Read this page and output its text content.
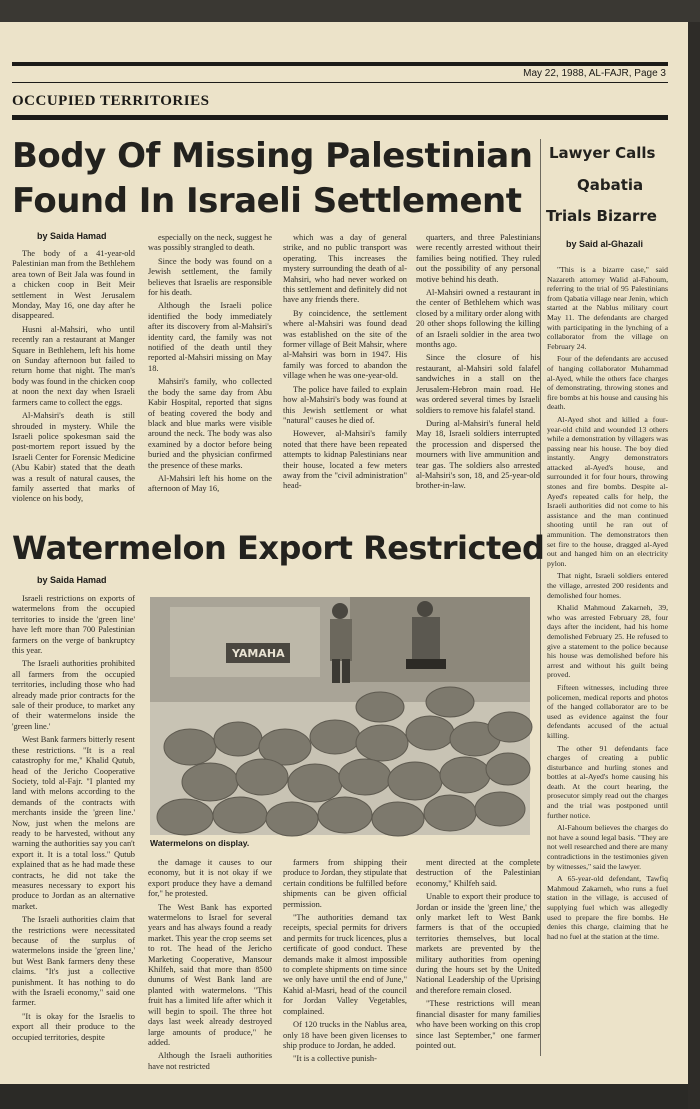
May 22, 1988, AL-FAJR, Page 3
OCCUPIED TERRITORIES
Body Of Missing Palestinian
Found In Israeli Settlement
by Saida Hamad

The body of a 41-year-old Palestinian man from the Bethlehem area town of Beit Jala was found in a chicken coop in Beit Meir settlement in West Jerusalem Monday, May 16, one day after he disappeared.

Husni al-Mahsiri, who until recently ran a restaurant at Manger Square in Bethlehem, left his home on Sunday afternoon but failed to return home that night. The man's body was found in the chicken coop at noon the next day when Israeli farmers came to collect the eggs.

Al-Mahsiri's death is still shrouded in mystery. While the Israeli police spokesman said the post-mortem report issued by the Israeli Center for Forensic Medicine (Abu Kabir) stated that the death was a result of natural causes, the family asserted that marks of violence on his body,

especially on the neck, suggest he was possibly strangled to death.

Since the body was found on a Jewish settlement, the family believes that Israelis are responsible for his death.

Although the Israeli police identified the body immediately after its discovery from al-Mahsiri's identity card, the family was not notified of the death until they reported al-Mahsiri missing on May 18.

Mahsiri's family, who collected the body the same day from Abu Kabir Hospital, reported that signs of beating covered the body and black and blue marks were visible around the neck. The body was also examined by a doctor before being buried and the physician confirmed the presence of these marks.

Al-Mahsiri left his home on the afternoon of May 16,

which was a day of general strike, and no public transport was operating. This increases the mystery surrounding the death of al-Mahsiri, who had never worked on this settlement and definitely did not have any friends there.

By coincidence, the settlement where al-Mahsiri was found dead was established on the site of the former village of Beit Mahsir, where al-Mahsiri was born in 1947. His family was forced to abandon the village when he was one-year-old.

The police have failed to explain how al-Mahsiri's body was found at this Jewish settlement or what "natural" causes he died of.

However, al-Mahsiri's family noted that there have been repeated attempts to kidnap Palestinians near their house, located a few meters away from the "civil administration" head-

quarters, and three Palestinians were recently arrested without their families being notified. They ruled out the possibility of any personal motive behind his death.

Al-Mahsiri owned a restaurant in the center of Bethlehem which was closed by a military order along with 20 other shops following the killing of an Israeli soldier in the area two months ago.

Since the closure of his restaurant, al-Mahsiri sold falafel sandwiches in a stall on the Jerusalem-Hebron main road. He was ordered several times by Israeli soldiers to remove his falafel stand.

During al-Mahsiri's funeral held May 18, Israeli soldiers interrupted the procession and dispersed the mourners with live ammunition and tear gas. The soldiers also arrested al-Mahsiri's son, 18, and 25-year-old brother-in-law.

Watermelon Export Restricted
by Saida Hamad

Israeli restrictions on exports of watermelons from the occupied territories to inside the 'green line' have left more than 700 Palestinian farmers on the verge of bankruptcy this year.

The Israeli authorities prohibited all farmers from the occupied territories, including those who had already made prior contracts for the sale of their produce, to market any of their watermelons inside the 'green line.'

West Bank farmers bitterly resent these restrictions. "It is a real catastrophy for me," Khalid Qutub, head of the Jericho Cooperative Society, told al-Fajr. "I planted my land with melons according to the demands of the contracts with merchants inside the 'green line.' Now, just when the melons are ready to be harvested, without any warning the authorities say you can't export it. It is a total loss." Qutub explained that as he had made these contracts, he did not take the measures necessary to export his produce to Jordan as an alternative market.

The Israeli authorities claim that the restrictions were necessitated because of the surplus of watermelons inside the 'green line,' but West Bank farmers deny these claims. "It's just a collective punishment. It has nothing to do with the Israeli economy," said one farmer.

"It is okay for the Israelis to export all their produce to the occupied territories, despite

YAMAHA
Watermelons on display.

the damage it causes to our economy, but it is not okay if we export produce they have a demand for," he protested.

The West Bank has exported watermelons to Israel for several years and has always found a ready market. This year the crop seems set to rot. The head of the Jericho Marketing Cooperative, Mansour Khilfeh, said that more than 8500 dunums of West Bank land are planted with watermelons. "This fruit has a limited life after which it will begin to spoil. The three hot days last week already destroyed large amounts of produce," he added.

Although the Israeli authorities have not restricted

farmers from shipping their produce to Jordan, they stipulate that certain conditions be fulfilled before shipments can be given official permission.

"The authorities demand tax receipts, special permits for drivers and permits for truck licences, plus a certificate of good conduct. These demands make it almost impossible to complete shipments on time since we only have until the end of June," Kahid al-Masri, head of the council for Jordan Valley Vegetables, complained.

Of 120 trucks in the Nablus area, only 18 have been given licenses to ship produce to Jordan, he added.

"It is a collective punish-

ment directed at the complete destruction of the Palestinian economy," Khilfeh said.

Unable to export their produce to Jordan or inside the 'green line,' the only market left to West Bank farmers is that of the occupied territories themselves, but local markets are prevented by the military authorities from opening during the hours set by the United National Leadership of the Uprising and therefore remain closed.

"These restrictions will mean financial disaster for many families who have been working on this crop since last September," one farmer pointed out.

Lawyer Calls
Qabatia
Trials Bizarre
by Said al-Ghazali

"This is a bizarre case," said Nazareth attorney Walid al-Fahoum, referring to the trial of 95 Palestinians from Qabatia village near Jenin, which started at the Nablus military court May 11. The defendants are charged with participating in the lynching of a collaborator from the village on February 24.

Four of the defendants are accused of hanging collaborator Muhammad al-Ayed, while the others face charges of demonstrating, throwing stones and fire bombs at his house and causing his death.

Al-Ayed shot and killed a four-year-old child and wounded 13 others while a demonstration by villagers was passing near his house. The boy died instantly. Angry demonstrators attacked al-Ayed's house, and surrounded it for four hours, throwing stones and fire bombs. Despite al-Ayed's repeated calls for help, the Israeli authorities did not come to his assistance and the man continued shooting until he ran out of ammunition. The demonstrators then set fire to the house, dragged al-Ayed out and hanged him on an electricity pylon.

That night, Israeli soldiers entered the village, arrested 200 residents and demolished four homes.

Khalid Mahmoud Zakarneh, 39, who was arrested February 28, four days after the incident, had his home demolished February 25. He refused to give a statement to the police because his house was demolished before his arrest and without his guilt being proved.

Fifteen witnesses, including three policemen, medical reports and photos of the hanged collaborator are to be used as evidence against the four defendants accused of the actual killing.

The other 91 defendants face charges of creating a public disturbance and hurling stones and bottles at al-Ayed's home causing his death. At the court hearing, the prosecutor simply read out the charges and the trial was postponed until further notice.

Al-Fahoum believes the charges do not have a sound legal basis. "They are not well researched and there are many contradictions in the testimonies given by witnesses," said the lawyer.

A 65-year-old defendant, Tawfiq Mahmoud Zakarneh, who runs a fuel station in the village, is accused of supplying fuel which was allegedly used to prepare the fire bombs. He denies this charge, claiming that he had no fuel at the station at the time.
